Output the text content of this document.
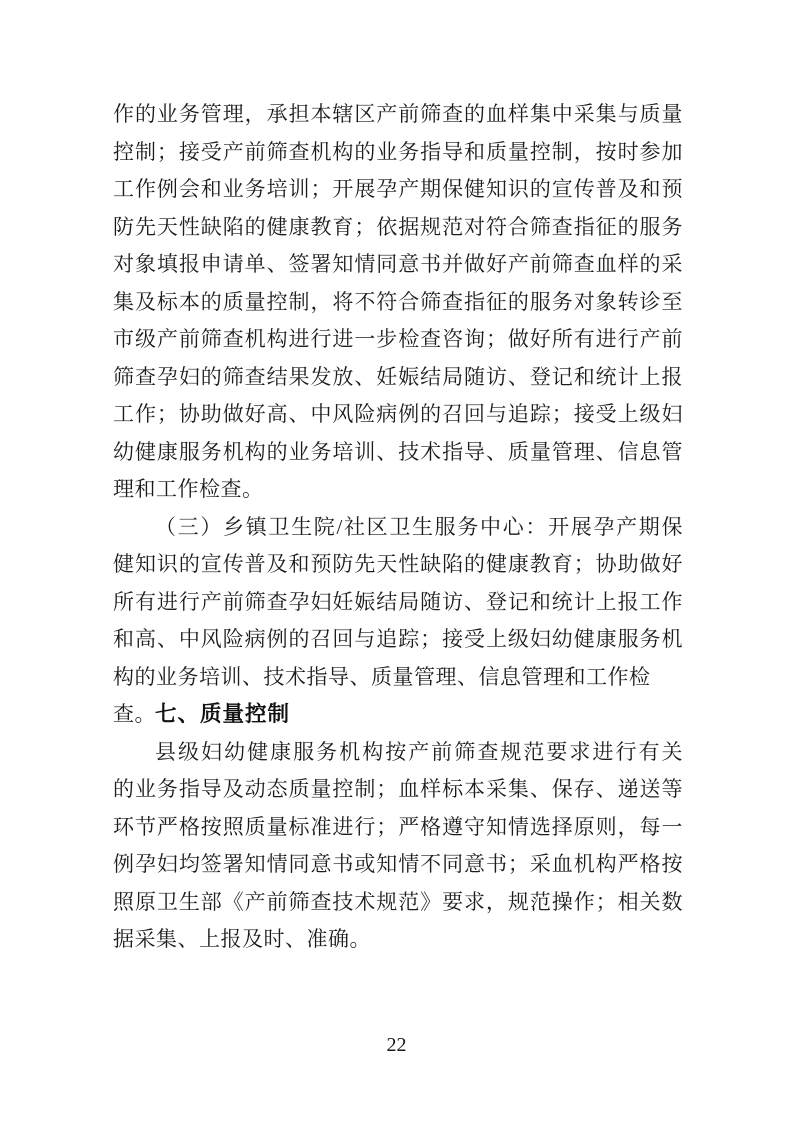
作的业务管理，承担本辖区产前筛查的血样集中采集与质量
控制；接受产前筛查机构的业务指导和质量控制，按时参加
工作例会和业务培训；开展孕产期保健知识的宣传普及和预
防先天性缺陷的健康教育；依据规范对符合筛查指征的服务
对象填报申请单、签署知情同意书并做好产前筛查血样的采
集及标本的质量控制，将不符合筛查指征的服务对象转诊至
市级产前筛查机构进行进一步检查咨询；做好所有进行产前
筛查孕妇的筛查结果发放、妊娠结局随访、登记和统计上报
工作；协助做好高、中风险病例的召回与追踪；接受上级妇
幼健康服务机构的业务培训、技术指导、质量管理、信息管
理和工作检查。
（三）乡镇卫生院/社区卫生服务中心：开展孕产期保
健知识的宣传普及和预防先天性缺陷的健康教育；协助做好
所有进行产前筛查孕妇妊娠结局随访、登记和统计上报工作
和高、中风险病例的召回与追踪；接受上级妇幼健康服务机
构的业务培训、技术指导、质量管理、信息管理和工作检查。 七、质量控制
县级妇幼健康服务机构按产前筛查规范要求进行有关
的业务指导及动态质量控制；血样标本采集、保存、递送等
环节严格按照质量标准进行；严格遵守知情选择原则，每一
例孕妇均签署知情同意书或知情不同意书；采血机构严格按
照原卫生部《产前筛查技术规范》要求，规范操作；相关数
据采集、上报及时、准确。
22
